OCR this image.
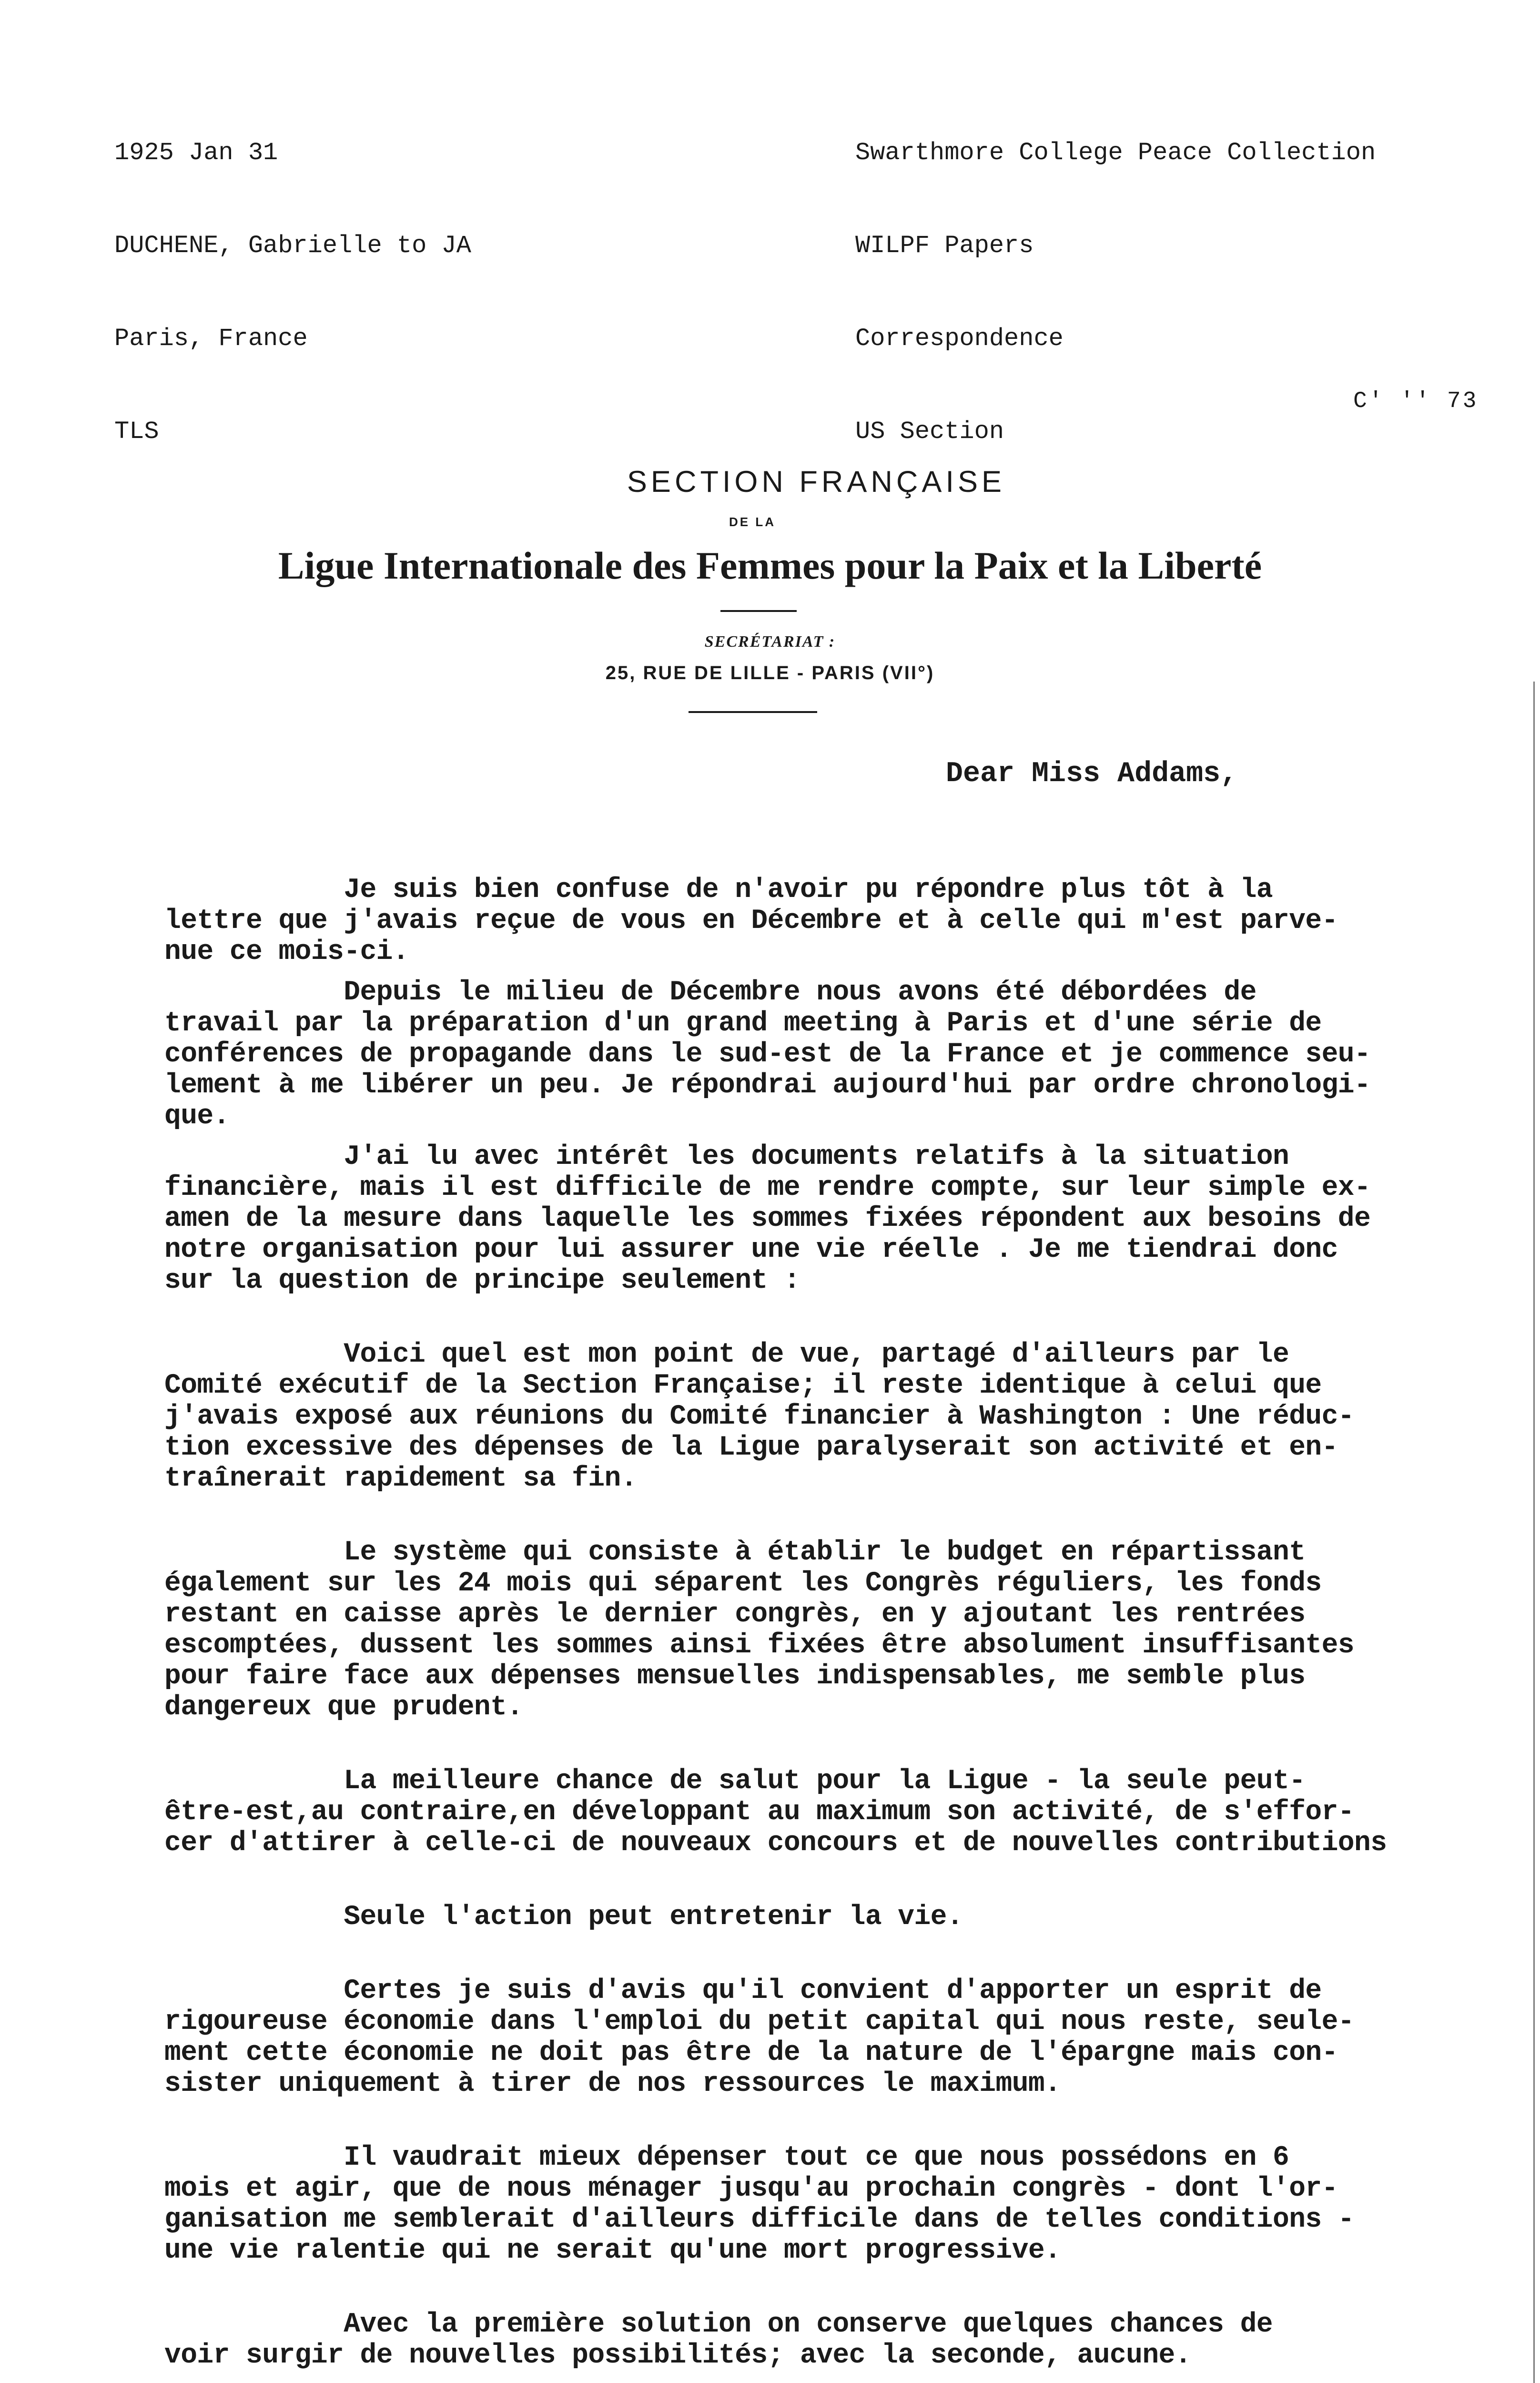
1925 Jan 31

DUCHENE, Gabrielle to JA

Paris, France

TLS

Swarthmore College Peace Collection

WILPF Papers

Correspondence

US Section

C' '' 73
SECTION FRANÇAISE
DE LA
Ligue Internationale des Femmes pour la Paix et la Liberté
SECRÉTARIAT :
25, RUE DE LILLE - PARIS (VII°)
Dear Miss Addams,
Je suis bien confuse de n'avoir pu répondre plus tôt à la
lettre que j'avais reçue de vous en Décembre et à celle qui m'est parve-
nue ce mois-ci.
Depuis le milieu de Décembre nous avons été débordées de
travail par la préparation d'un grand meeting à Paris et d'une série de
conférences de propagande dans le sud-est de la France et je commence seu-
lement à me libérer un peu. Je répondrai aujourd'hui par ordre chronologi-
que.
J'ai lu avec intérêt les documents relatifs à la situation
financière, mais il est difficile de me rendre compte, sur leur simple ex-
amen de la mesure dans laquelle les sommes fixées répondent aux besoins de
notre organisation pour lui assurer une vie réelle . Je me tiendrai donc
sur la question de principe seulement :
Voici quel est mon point de vue, partagé d'ailleurs par le
Comité exécutif de la Section Française; il reste identique à celui que
j'avais exposé aux réunions du Comité financier à Washington : Une réduc-
tion excessive des dépenses de la Ligue paralyserait son activité et en-
traînerait rapidement sa fin.
Le système qui consiste à établir le budget en répartissant
également sur les 24 mois qui séparent les Congrès réguliers, les fonds
restant en caisse après le dernier congrès, en y ajoutant les rentrées
escomptées, dussent les sommes ainsi fixées être absolument insuffisantes
pour faire face aux dépenses mensuelles indispensables, me semble plus
dangereux que prudent.
La meilleure chance de salut pour la Ligue - la seule peut-
être-est,au contraire,en développant au maximum son activité, de s'effor-
cer d'attirer à celle-ci de nouveaux concours et de nouvelles contributions
Seule l'action peut entretenir la vie.
Certes je suis d'avis qu'il convient d'apporter un esprit de
rigoureuse économie dans l'emploi du petit capital qui nous reste, seule-
ment cette économie ne doit pas être de la nature de l'épargne mais con-
sister uniquement à tirer de nos ressources le maximum.
Il vaudrait mieux dépenser tout ce que nous possédons en 6
mois et agir, que de nous ménager jusqu'au prochain congrès - dont l'or-
ganisation me semblerait d'ailleurs difficile dans de telles conditions -
une vie ralentie qui ne serait qu'une mort progressive.
Avec la première solution on conserve quelques chances de
voir surgir de nouvelles possibilités; avec la seconde, aucune.
